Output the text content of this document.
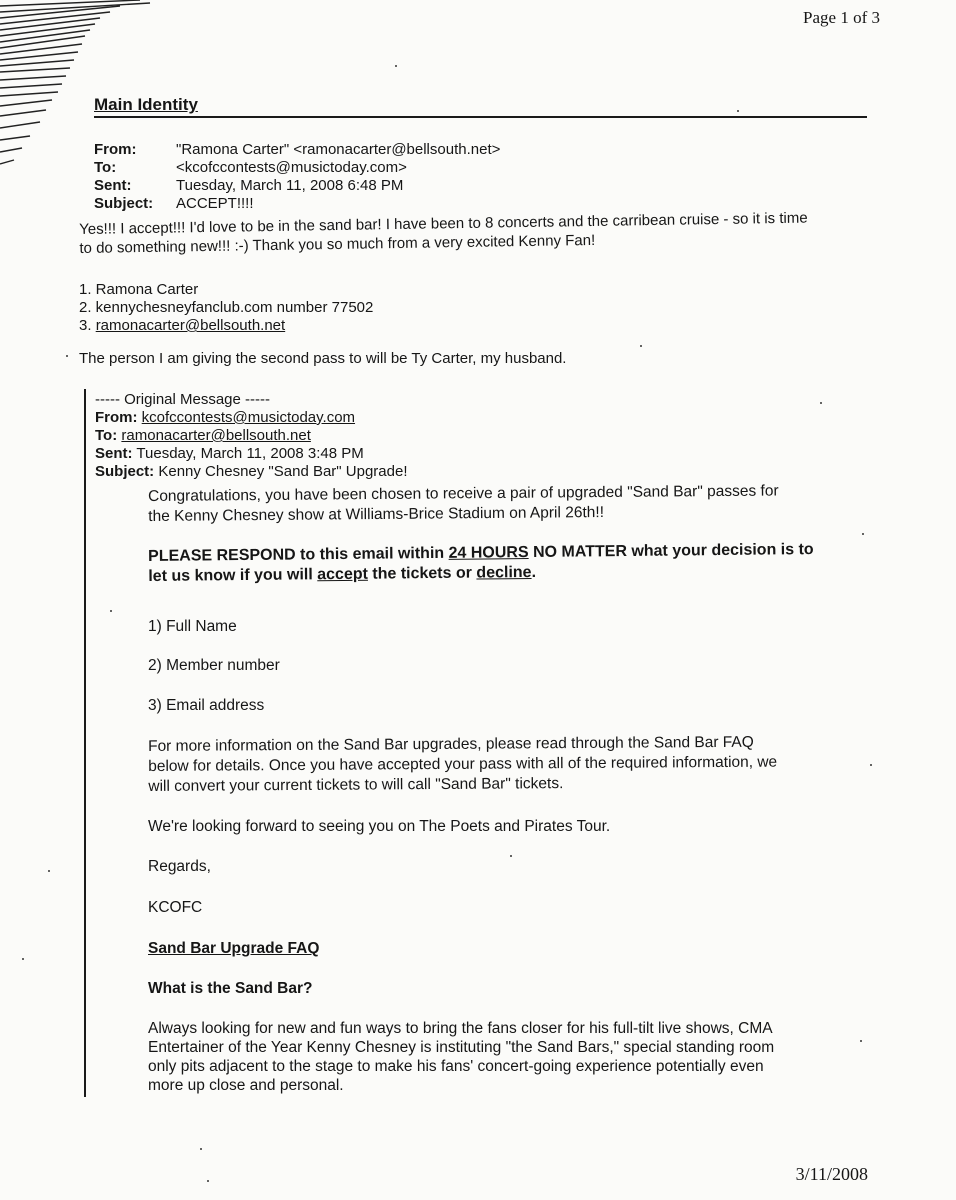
Page 1 of 3
Main Identity
From:	"Ramona Carter" <ramonacarter@bellsouth.net>
To:	<kcofccontests@musictoday.com>
Sent:	Tuesday, March 11, 2008 6:48 PM
Subject:	ACCEPT!!!!
Yes!!! I accept!!! I'd love to be in the sand bar! I have been to 8 concerts and the carribean cruise - so it is time
to do something new!!! :-) Thank you so much from a very excited Kenny Fan!
1. Ramona Carter
2. kennychesneyfanclub.com number 77502
3. ramonacarter@bellsouth.net
The person I am giving the second pass to will be Ty Carter, my husband.
----- Original Message -----
From: kcofccontests@musictoday.com
To: ramonacarter@bellsouth.net
Sent: Tuesday, March 11, 2008 3:48 PM
Subject: Kenny Chesney "Sand Bar" Upgrade!
Congratulations, you have been chosen to receive a pair of upgraded "Sand Bar" passes for
the Kenny Chesney show at Williams-Brice Stadium on April 26th!!
PLEASE RESPOND to this email within 24 HOURS NO MATTER what your decision is to
let us know if you will accept the tickets or decline.
1) Full Name
2) Member number
3) Email address
For more information on the Sand Bar upgrades, please read through the Sand Bar FAQ
below for details. Once you have accepted your pass with all of the required information, we
will convert your current tickets to will call "Sand Bar" tickets.
We're looking forward to seeing you on The Poets and Pirates Tour.
Regards,
KCOFC
Sand Bar Upgrade FAQ
What is the Sand Bar?
Always looking for new and fun ways to bring the fans closer for his full-tilt live shows, CMA
Entertainer of the Year Kenny Chesney is instituting "the Sand Bars," special standing room
only pits adjacent to the stage to make his fans' concert-going experience potentially even
more up close and personal.
3/11/2008
